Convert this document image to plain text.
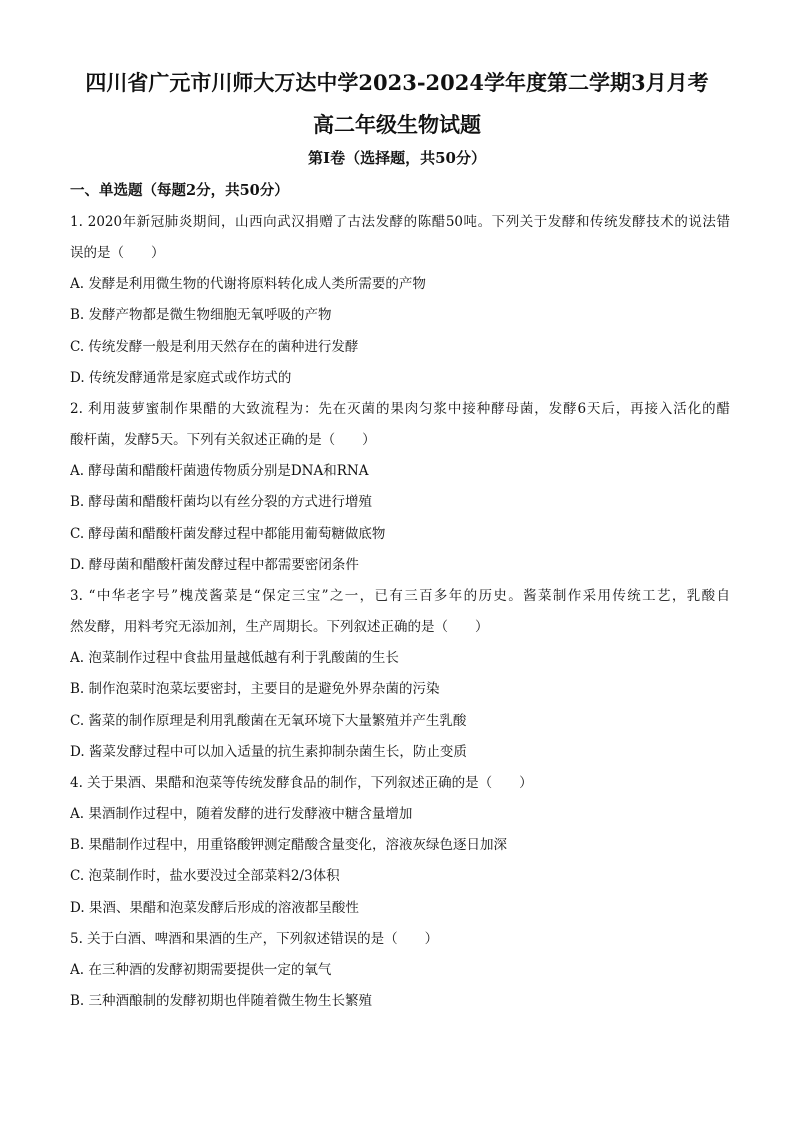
四川省广元市川师大万达中学2023-2024学年度第二学期3月月考
高二年级生物试题
第Ⅰ卷（选择题，共50分）
一、单选题（每题2分，共50分）
1. 2020年新冠肺炎期间，山西向武汉捐赠了古法发酵的陈醋50吨。下列关于发酵和传统发酵技术的说法错
误的是（　　）
A. 发酵是利用微生物的代谢将原料转化成人类所需要的产物
B. 发酵产物都是微生物细胞无氧呼吸的产物
C. 传统发酵一般是利用天然存在的菌种进行发酵
D. 传统发酵通常是家庭式或作坊式的
2. 利用菠萝蜜制作果醋的大致流程为：先在灭菌的果肉匀浆中接种酵母菌，发酵6天后，再接入活化的醋
酸杆菌，发酵5天。下列有关叙述正确的是（　　）
A. 酵母菌和醋酸杆菌遗传物质分别是DNA和RNA
B. 酵母菌和醋酸杆菌均以有丝分裂的方式进行增殖
C. 酵母菌和醋酸杆菌发酵过程中都能用葡萄糖做底物
D. 酵母菌和醋酸杆菌发酵过程中都需要密闭条件
3. “中华老字号”槐茂酱菜是“保定三宝”之一，已有三百多年的历史。酱菜制作采用传统工艺，乳酸自
然发酵，用料考究无添加剂，生产周期长。下列叙述正确的是（　　）
A. 泡菜制作过程中食盐用量越低越有利于乳酸菌的生长
B. 制作泡菜时泡菜坛要密封，主要目的是避免外界杂菌的污染
C. 酱菜的制作原理是利用乳酸菌在无氧环境下大量繁殖并产生乳酸
D. 酱菜发酵过程中可以加入适量的抗生素抑制杂菌生长，防止变质
4. 关于果酒、果醋和泡菜等传统发酵食品的制作，下列叙述正确的是（　　）
A. 果酒制作过程中，随着发酵的进行发酵液中糖含量增加
B. 果醋制作过程中，用重铬酸钾测定醋酸含量变化，溶液灰绿色逐日加深
C. 泡菜制作时，盐水要没过全部菜料2/3体积
D. 果酒、果醋和泡菜发酵后形成的溶液都呈酸性
5. 关于白酒、啤酒和果酒的生产，下列叙述错误的是（　　）
A. 在三种酒的发酵初期需要提供一定的氧气
B. 三种酒酿制的发酵初期也伴随着微生物生长繁殖
